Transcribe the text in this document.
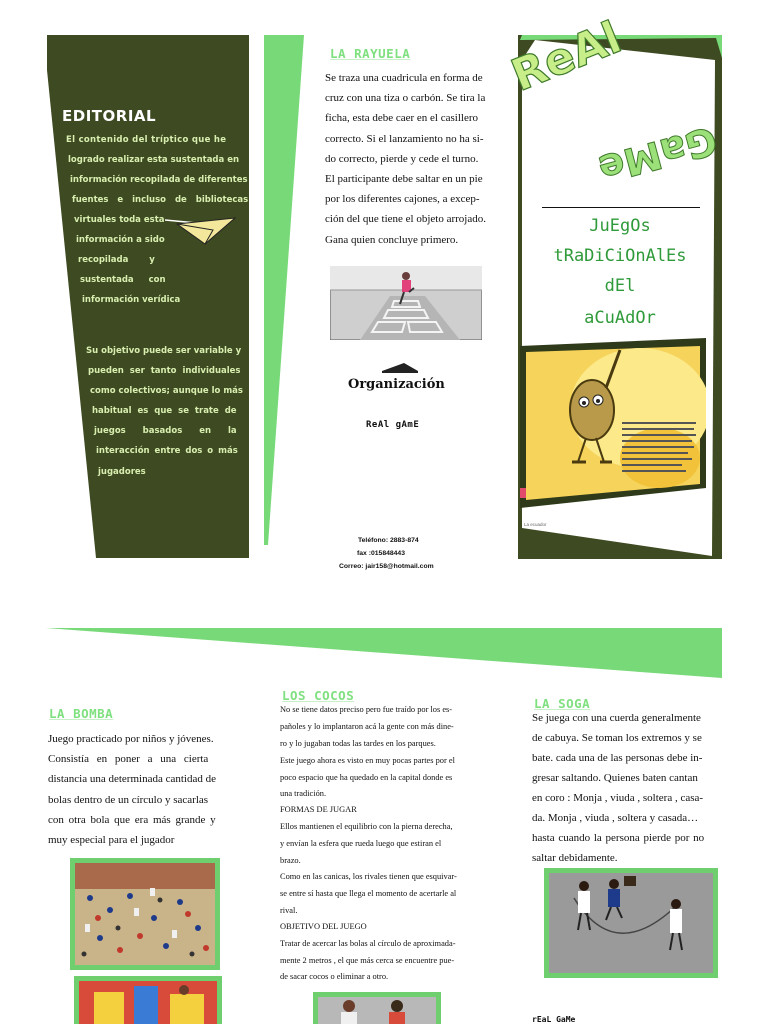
EDITORIAL
El contenido del tríptico que he
logrado realizar esta sustentada en
información recopilada de diferentes
fuentes e incluso de bibliotecas
virtuales toda esta
información a sido
recopilada y
sustentada con
información verídica
Su objetivo puede ser variable y
pueden ser tanto individuales
como colectivos; aunque lo más
habitual es que se trate de
juegos basados en la
interacción entre dos o más
jugadores
LA RAYUELA
Se traza una cuadricula en forma de
cruz con una tiza o carbón. Se tira la
ficha, esta debe caer en el casillero
correcto. Si el lanzamiento no ha si-
do correcto, pierde y cede el turno.
El participante debe saltar en un pie
por los diferentes cajones, a excep-
ción del que tiene el objeto arrojado.
Gana quien concluye primero.
Organización
ReAl gAmE
Teléfono: 2883-874
fax :015848443
Correo: jair158@hotmail.com
ReAl
GaMe
JuEgOs
tRaDiCiOnAlEs
dEl
aCuAdOr
La ecuador
LA BOMBA
Juego practicado por niños y jóvenes.
Consistía en poner a una cierta
distancia una determinada cantidad de
bolas dentro de un círculo y sacarlas
con otra bola que era más grande y
muy especial para el jugador
LOS COCOS
No se tiene datos preciso pero fue traído por los es-
pañoles y lo implantaron acá la gente con más dine-
ro y lo jugaban todas las tardes en los parques.
Este juego ahora es visto en muy pocas partes por el
poco espacio que ha quedado en la capital donde es
una tradición.
FORMAS DE JUGAR
Ellos mantienen el equilibrio con la pierna derecha,
y envían la esfera que rueda luego que estiran el
brazo.
Como en las canicas, los rivales tienen que esquivar-
se entre sí hasta que llega el momento de acertarle al
rival.
OBJETIVO DEL JUEGO
Tratar de acercar las bolas al círculo de aproximada-
mente 2 metros , el que más cerca se encuentre pue-
de sacar cocos o eliminar a otro.
LA SOGA
Se juega con una cuerda generalmente
de cabuya. Se toman los extremos y se
bate. cada una de las personas debe in-
gresar saltando. Quienes baten cantan
en coro : Monja , viuda , soltera , casa-
da. Monja , viuda , soltera y casada…
hasta cuando la persona pierde por no
saltar debidamente.
rEaL GaMe
